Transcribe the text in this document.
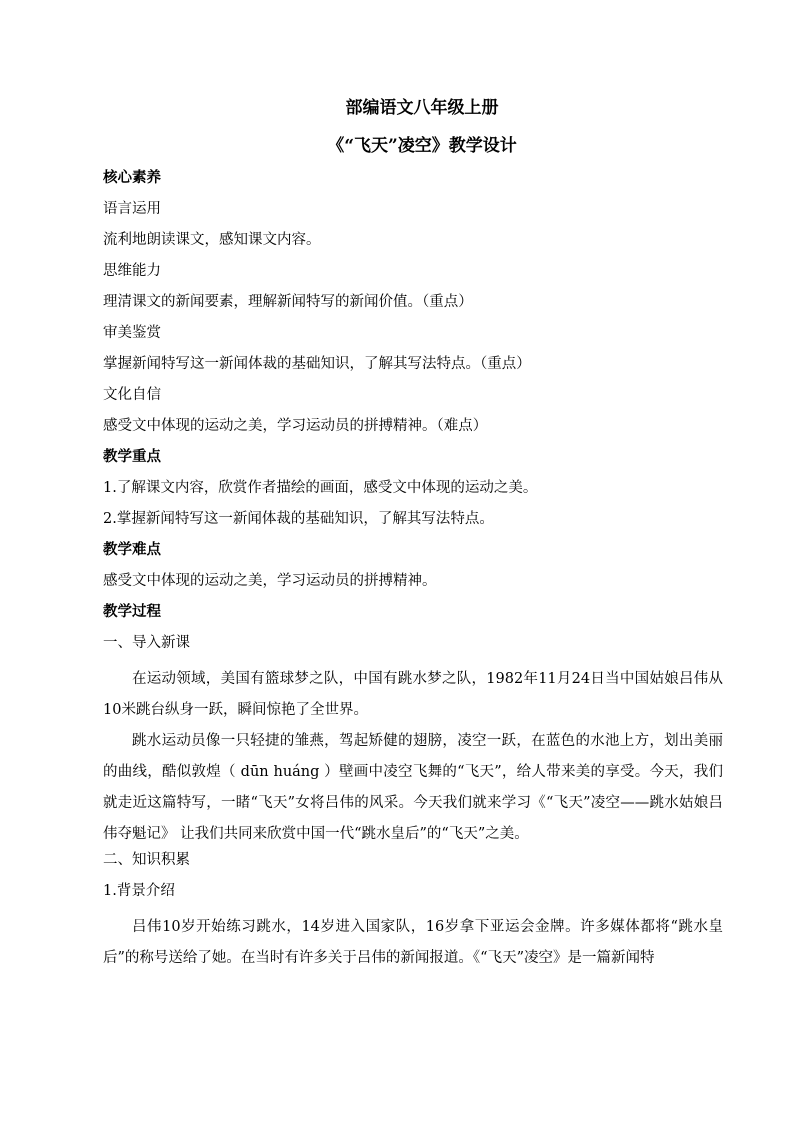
部编语文八年级上册

《“飞天”凌空》教学设计

核心素养

语言运用

流利地朗读课文，感知课文内容。

思维能力

理清课文的新闻要素，理解新闻特写的新闻价值。（重点）

审美鉴赏

掌握新闻特写这一新闻体裁的基础知识，了解其写法特点。（重点）

文化自信

感受文中体现的运动之美，学习运动员的拼搏精神。（难点）

教学重点

1.了解课文内容，欣赏作者描绘的画面，感受文中体现的运动之美。

2.掌握新闻特写这一新闻体裁的基础知识，了解其写法特点。

教学难点

感受文中体现的运动之美，学习运动员的拼搏精神。

教学过程

一、导入新课

在运动领域，美国有篮球梦之队，中国有跳水梦之队，1982年11月24日当中国姑娘吕伟从10米跳台纵身一跃，瞬间惊艳了全世界。

跳水运动员像一只轻捷的雏燕，驾起矫健的翅膀，凌空一跃，在蓝色的水池上方，划出美丽的曲线，酷似敦煌（ dūn huáng ）壁画中凌空飞舞的“飞天”，给人带来美的享受。今天，我们就走近这篇特写，一睹“飞天”女将吕伟的风采。今天我们就来学习《“飞天”凌空——跳水姑娘吕伟夺魁记》 让我们共同来欣赏中国一代“跳水皇后”的“飞天”之美。

二、知识积累

1.背景介绍

吕伟10岁开始练习跳水，14岁进入国家队，16岁拿下亚运会金牌。许多媒体都将“跳水皇后”的称号送给了她。在当时有许多关于吕伟的新闻报道。《“飞天”凌空》是一篇新闻特
